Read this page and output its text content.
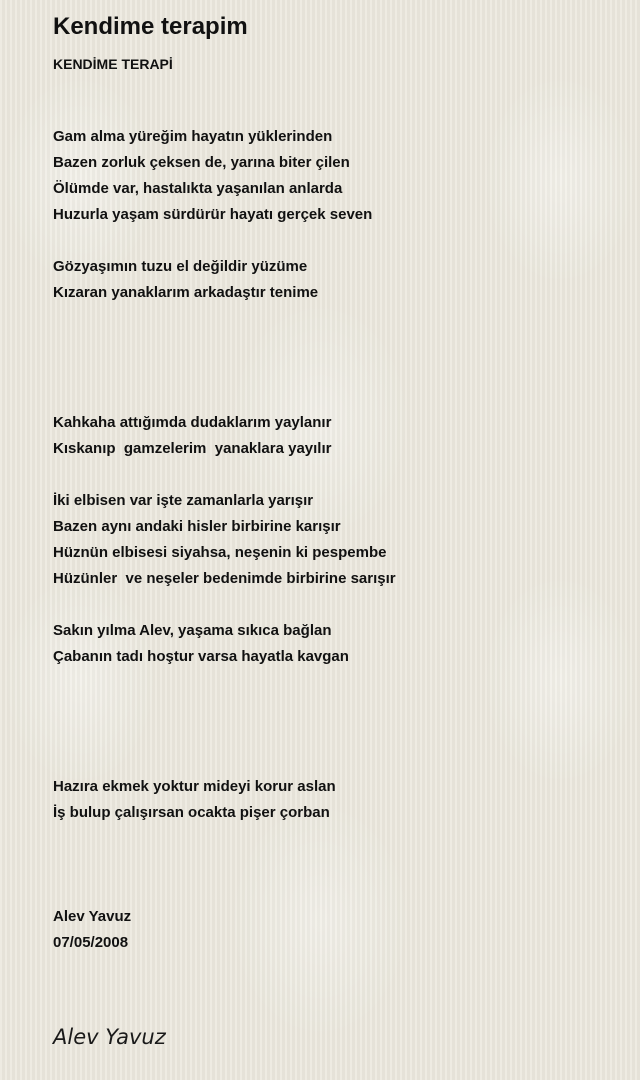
Kendime terapim
KENDİME TERAPİ
Gam alma yüreğim hayatın yüklerinden
Bazen zorluk çeksen de, yarına biter çilen
Ölümde var, hastalıkta yaşanılan anlarda
Huzurla yaşam sürdürür hayatı gerçek seven
Gözyaşımın tuzu el değildir yüzüme
Kızaran yanaklarım arkadaştır tenime
Kahkaha attığımda dudaklarım yaylanır
Kıskanıp  gamzelerim  yanaklara yayılır
İki elbisen var işte zamanlarla yarışır
Bazen aynı andaki hisler birbirine karışır
Hüznün elbisesi siyahsa, neşenin ki pespembe
Hüzünler  ve neşeler bedenimde birbirine sarışır
Sakın yılma Alev, yaşama sıkıca bağlan
Çabanın tadı hoştur varsa hayatla kavgan
Hazıra ekmek yoktur mideyi korur aslan
İş bulup çalışırsan ocakta pişer çorban
Alev Yavuz
07/05/2008
Alev Yavuz
